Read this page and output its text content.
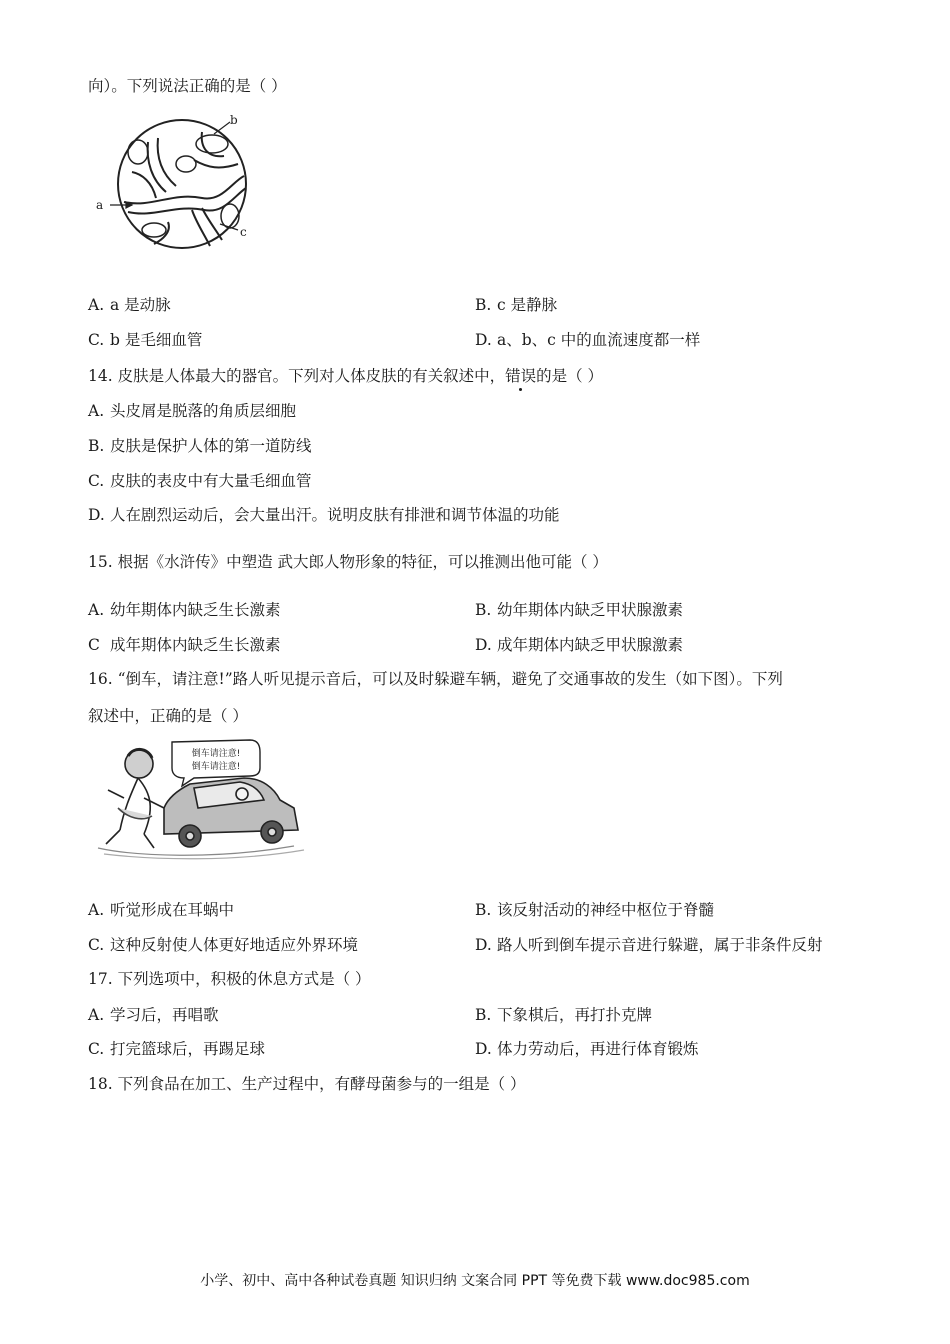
向）。下列说法正确的是（ ）
a
b
c
A. a 是动脉	B. c 是静脉
C. b 是毛细血管	D. a、b、c 中的血流速度都一样
14. 皮肤是人体最大的器官。下列对人体皮肤的有关叙述中，错误的是（ ）
A. 头皮屑是脱落的角质层细胞
B. 皮肤是保护人体的第一道防线
C. 皮肤的表皮中有大量毛细血管
D. 人在剧烈运动后，会大量出汗。说明皮肤有排泄和调节体温的功能
15. 根据《水浒传》中塑造 武大郎人物形象的特征，可以推测出他可能（ ）
A. 幼年期体内缺乏生长激素	B. 幼年期体内缺乏甲状腺激素
C 成年期体内缺乏生长激素	D. 成年期体内缺乏甲状腺激素
16. “倒车，请注意!”路人听见提示音后，可以及时躲避车辆，避免了交通事故的发生（如下图）。下列
叙述中，正确的是（ ）
倒车请注意!
倒车请注意!
A. 听觉形成在耳蜗中	B. 该反射活动的神经中枢位于脊髓
C. 这种反射使人体更好地适应外界环境	D. 路人听到倒车提示音进行躲避，属于非条件反射
17. 下列选项中，积极的休息方式是（ ）
A. 学习后，再唱歌	B. 下象棋后，再打扑克牌
C. 打完篮球后，再踢足球	D. 体力劳动后，再进行体育锻炼
18. 下列食品在加工、生产过程中，有酵母菌参与的一组是（ ）
小学、初中、高中各种试卷真题 知识归纳 文案合同 PPT 等免费下载 www.doc985.com
